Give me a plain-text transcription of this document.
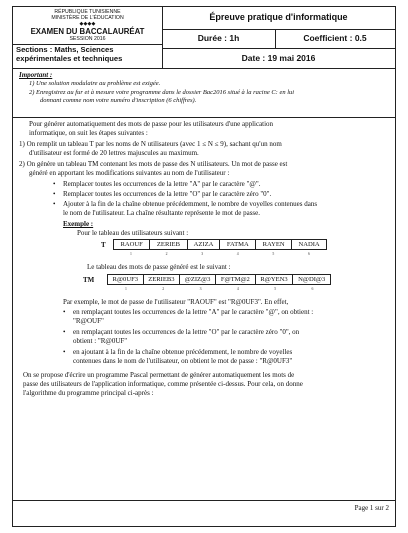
RÉPUBLIQUE TUNISIENNE
MINISTÈRE DE L'ÉDUCATION
◆◆◆◆
EXAMEN DU BACCALAURÉAT
SESSION 2016
Sections : Maths, Sciences expérimentales et techniques
Épreuve pratique d'informatique
Durée : 1h	Coefficient : 0.5
Date : 19 mai 2016
Important :
1) Une solution modulaire au problème est exigée.
2) Enregistrez au fur et à mesure votre programme dans le dossier Bac2016 situé à la racine C: en lui
donnant comme nom votre numéro d'inscription (6 chiffres).
Pour générer automatiquement des mots de passe pour les utilisateurs d'une application
informatique, on suit les étapes suivantes :
1) On remplit un tableau T par les noms de N utilisateurs (avec 1 ≤ N ≤ 9), sachant qu'un nom
d'utilisateur est formé de 20 lettres majuscules au maximum.
2) On génère un tableau TM contenant les mots de passe des N utilisateurs. Un mot de passe est
généré en apportant les modifications suivantes au nom de l'utilisateur :
• Remplacer toutes les occurrences de la lettre "A" par le caractère "@".
• Remplacer toutes les occurrences de la lettre "O" par le caractère zéro "0".
• Ajouter à la fin de la chaîne obtenue précédemment, le nombre de voyelles contenues dans
le nom de l'utilisateur. La chaîne résultante représente le mot de passe.
Exemple :
Pour le tableau des utilisateurs suivant :
T RAOUF	ZERIEB	AZIZA	FATMA	RAYEN	NADIA
1	2	3	4	5	6
Le tableau des mots de passe généré est le suivant :
TM	R@0UF3	ZERIEB3	@ZIZ@3	F@TM@2	R@YEN3	N@DI@3
1	2	3	4	5	6
Par exemple, le mot de passe de l'utilisateur "RAOUF" est "R@0UF3". En effet,
• en remplaçant toutes les occurrences de la lettre "A" par le caractère "@", on obtient :
"R@OUF"
• en remplaçant toutes les occurrences de la lettre "O" par le caractère zéro "0", on
obtient : "R@0UF"
• en ajoutant à la fin de la chaîne obtenue précédemment, le nombre de voyelles
contenues dans le nom de l'utilisateur, on obtient le mot de passe : "R@0UF3"
On se propose d'écrire un programme Pascal permettant de générer automatiquement les mots de
passe des utilisateurs de l'application informatique, comme présentée ci-dessus. Pour cela, on donne
l'algorithme du programme principal ci-après :
Page 1 sur 2
